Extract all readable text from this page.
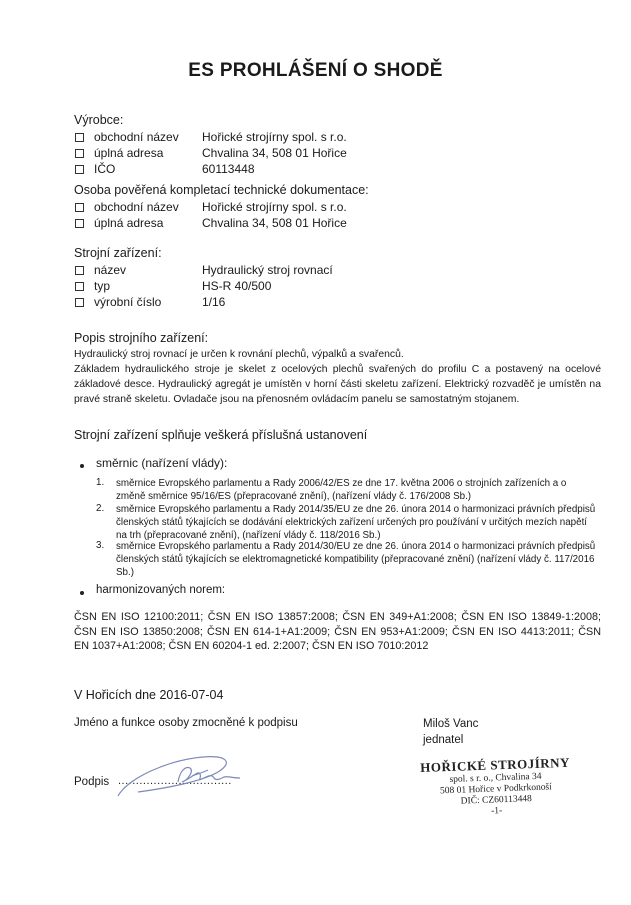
ES PROHLÁŠENÍ O SHODĚ
Výrobce:
obchodní název Hořické strojírny spol. s r.o.
úplná adresa	Chvalina 34, 508 01 Hořice
IČO	60113448
Osoba pověřená kompletací technické dokumentace:
obchodní název Hořické strojírny spol. s r.o.
úplná adresa	Chvalina 34, 508 01 Hořice
Strojní zařízení:
název	Hydraulický stroj rovnací
typ	HS-R 40/500
výrobní číslo	1/16
Popis strojního zařízení:
Hydraulický stroj rovnací je určen k rovnání plechů, výpalků a svařenců.
Základem hydraulického stroje je skelet z ocelových plechů svařených do profilu C a postavený na ocelové základové desce. Hydraulický agregát je umístěn v horní části skeletu zařízení. Elektrický rozvaděč je umístěn na pravé straně skeletu. Ovladače jsou na přenosném ovládacím panelu se samostatným stojanem.
Strojní zařízení splňuje veškerá příslušná ustanovení
směrnic (nařízení vlády):
1. směrnice Evropského parlamentu a Rady 2006/42/ES ze dne 17. května 2006 o strojních zařízeních a o změně směrnice 95/16/ES (přepracované znění), (nařízení vlády č. 176/2008 Sb.)
2. směrnice Evropského parlamentu a Rady 2014/35/EU ze dne 26. února 2014 o harmonizaci právních předpisů členských států týkajících se dodávání elektrických zařízení určených pro používání v určitých mezích napětí na trh (přepracované znění), (nařízení vlády č. 118/2016 Sb.)
3. směrnice Evropského parlamentu a Rady 2014/30/EU ze dne 26. února 2014 o harmonizaci právních předpisů členských států týkajících se elektromagnetické kompatibility (přepracované znění) (nařízení vlády č. 117/2016 Sb.)
harmonizovaných norem:
ČSN EN ISO 12100:2011; ČSN EN ISO 13857:2008; ČSN EN 349+A1:2008; ČSN EN ISO 13849-1:2008; ČSN EN ISO 13850:2008; ČSN EN 614-1+A1:2009; ČSN EN 953+A1:2009; ČSN EN ISO 4413:2011; ČSN EN 1037+A1:2008; ČSN EN 60204-1 ed. 2:2007; ČSN EN ISO 7010:2012
V Hořicích dne 2016-07-04
Jméno a funkce osoby zmocněné k podpisu	Miloš Vanc
jednatel
Podpis ................................
HOŘICKÉ STROJÍRNY
spol. s r. o., Chvalina 34
508 01 Hořice v Podkrkonoší
DIČ: CZ60113448
-1-
